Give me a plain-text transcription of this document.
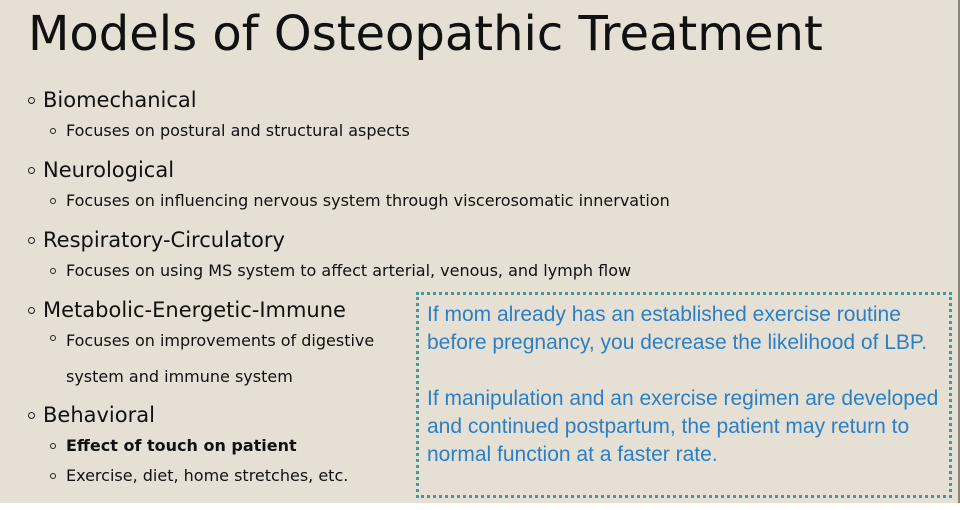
Models of Osteopathic Treatment
Biomechanical
Focuses on postural and structural aspects
Neurological
Focuses on influencing nervous system through viscerosomatic innervation
Respiratory-Circulatory
Focuses on using MS system to affect arterial, venous, and lymph flow
Metabolic-Energetic-Immune
Focuses on improvements of digestive system and immune system
Behavioral
Effect of touch on patient
Exercise, diet, home stretches, etc.

If mom already has an established exercise routine before pregnancy, you decrease the likelihood of LBP.

If manipulation and an exercise regimen are developed and continued postpartum, the patient may return to normal function at a faster rate.
